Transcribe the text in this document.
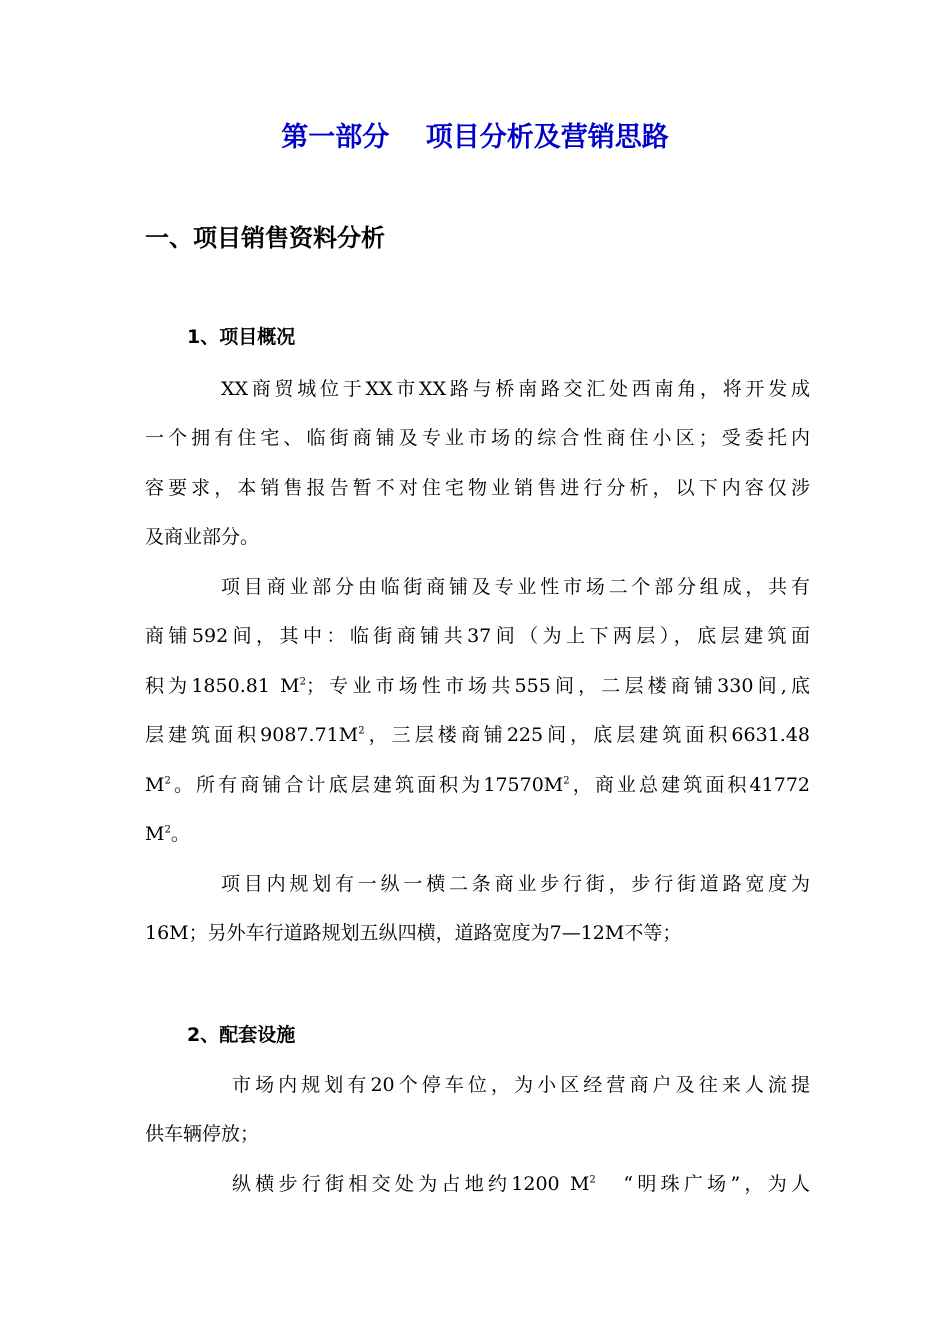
第一部分　 项目分析及营销思路
一、项目销售资料分析
1、项目概况
XX商贸城位于XX市XX路与桥南路交汇处西南角，将开发成
一个拥有住宅、临街商铺及专业市场的综合性商住小区；受委托内
容要求，本销售报告暂不对住宅物业销售进行分析，以下内容仅涉
及商业部分。
项目商业部分由临街商铺及专业性市场二个部分组成，共有
商铺592间，其中：临街商铺共37间（为上下两层），底层建筑面
积为1850.81 $M^2$；专业市场性市场共555间，二层楼商铺330间,底
层建筑面积$9087.71M^2$，三层楼商铺225间，底层建筑面积6631.48
$M^2$。所有商铺合计底层建筑面积为$17570M^2$，商业总建筑面积41772
$M^2$。
项目内规划有一纵一横二条商业步行街，步行街道路宽度为
16M；另外车行道路规划五纵四横，道路宽度为7—12M不等；
2、配套设施
市场内规划有20个停车位，为小区经营商户及往来人流提
供车辆停放；
纵横步行街相交处为占地约1200 $M^2$　 “明珠广场”，为人
